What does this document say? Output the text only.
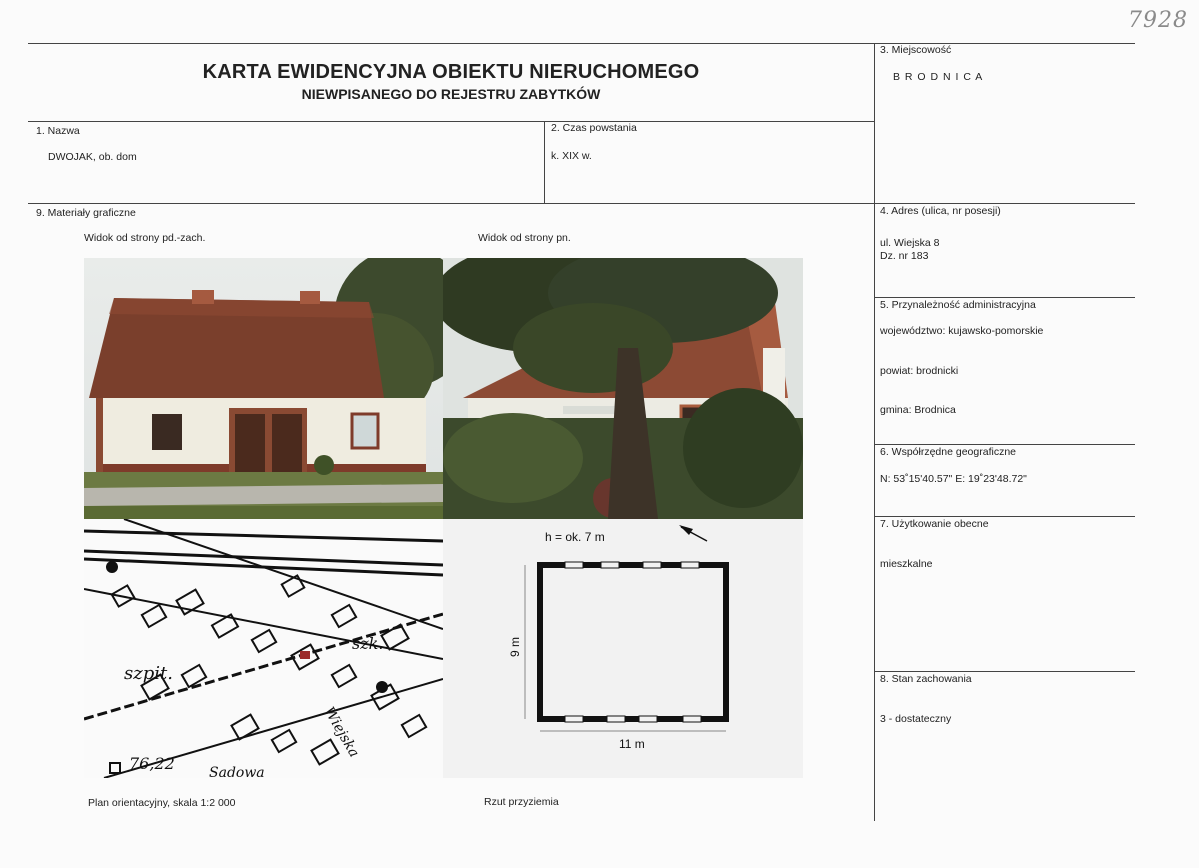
7928
KARTA EWIDENCYJNA OBIEKTU NIERUCHOMEGO
NIEWPISANEGO DO REJESTRU ZABYTKÓW
1. Nazwa
DWOJAK, ob. dom
2. Czas powstania
k. XIX w.
3. Miejscowość
B R O D N I C A
4. Adres (ulica, nr posesji)
ul. Wiejska 8
Dz. nr 183
5. Przynależność administracyjna
województwo: kujawsko-pomorskie
powiat: brodnicki
gmina: Brodnica
6. Współrzędne geograficzne
N: 53˚15'40.57" E: 19˚23'48.72"
7. Użytkowanie obecne
mieszkalne
8. Stan zachowania
3 - dostateczny
9. Materiały graficzne
Widok od strony pd.-zach.	Widok od strony pn.
szpit.
szk.
Wiejska
Sadowa
76,22
h = ok. 7 m
9 m
11 m
Plan orientacyjny, skala 1:2 000	Rzut przyziemia
